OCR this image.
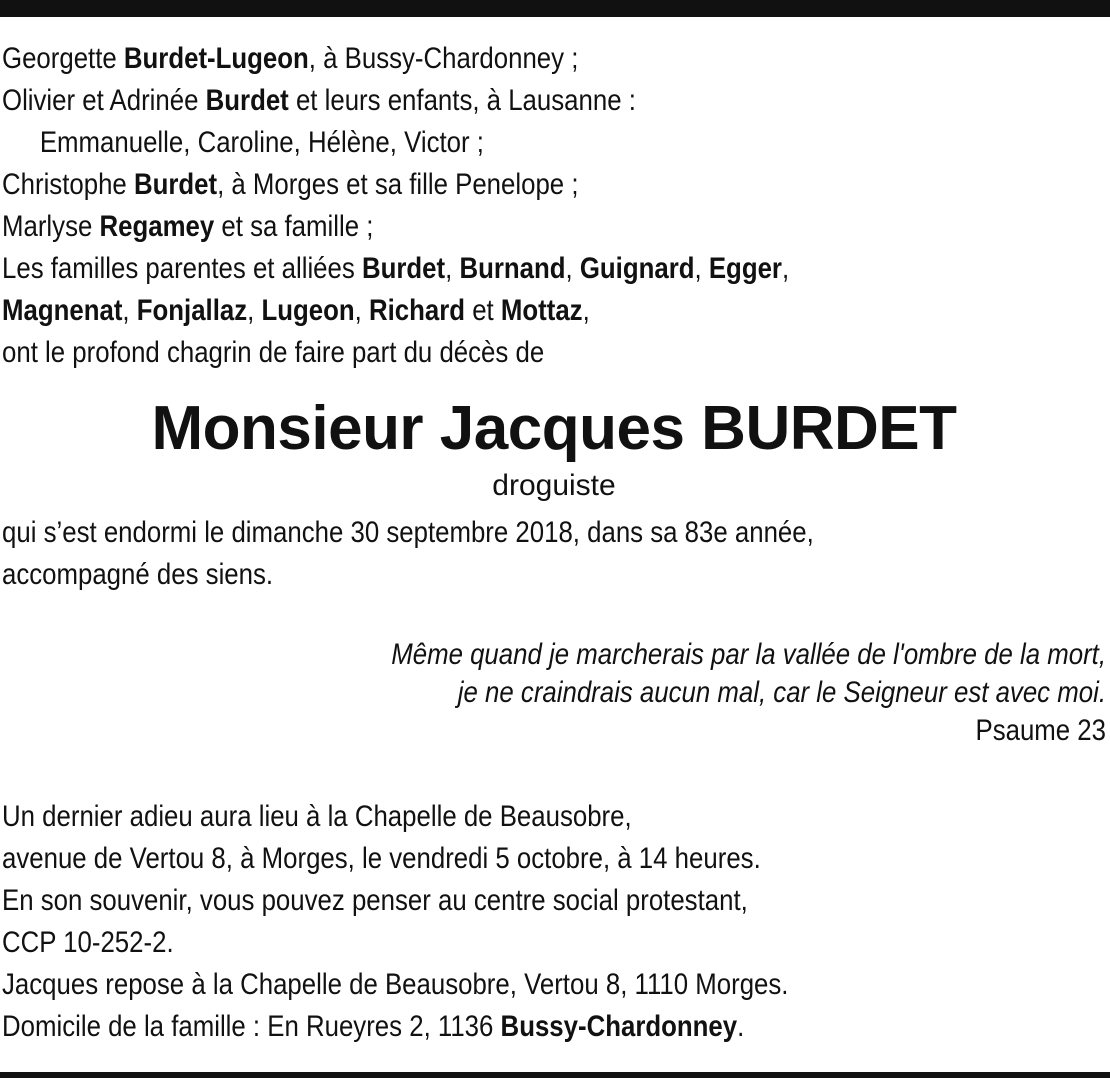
Georgette Burdet-Lugeon, à Bussy-Chardonney ;
Olivier et Adrinée Burdet et leurs enfants, à Lausanne :
Emmanuelle, Caroline, Hélène, Victor ;
Christophe Burdet, à Morges et sa fille Penelope ;
Marlyse Regamey et sa famille ;
Les familles parentes et alliées Burdet, Burnand, Guignard, Egger,
Magnenat, Fonjallaz, Lugeon, Richard et Mottaz,
ont le profond chagrin de faire part du décès de
Monsieur Jacques BURDET
droguiste
qui s’est endormi le dimanche 30 septembre 2018, dans sa 83e année,
accompagné des siens.
Même quand je marcherais par la vallée de l'ombre de la mort,
je ne craindrais aucun mal, car le Seigneur est avec moi.
Psaume 23
Un dernier adieu aura lieu à la Chapelle de Beausobre,
avenue de Vertou 8, à Morges, le vendredi 5 octobre, à 14 heures.
En son souvenir, vous pouvez penser au centre social protestant,
CCP 10-252-2.
Jacques repose à la Chapelle de Beausobre, Vertou 8, 1110 Morges.
Domicile de la famille : En Rueyres 2, 1136 Bussy-Chardonney.
